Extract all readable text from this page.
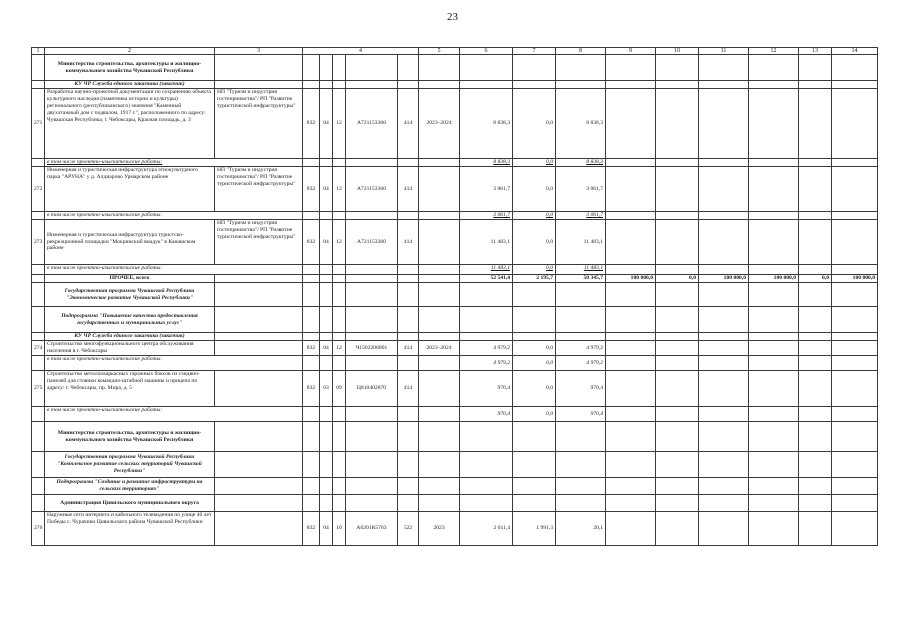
23
1	2	3	4					5	6	7	8	9	10	11	12	13	14
	Министерство строительства, архитектуры и жилищно-коммунального хозяйства Чувашской Республики																
	КУ ЧР Служба единого заказчика (заказчик)																
271	Разработка научно-проектной документации по сохранению объекта культурного наследия (памятника истории и культуры) регионального (республиканского) значения "Каменный двухэтажный дом с подвалом, 1917 г.", расположенного по адресу: Чувашская Республика, г. Чебоксары, Красная площадь, д. 3	НП "Туризм и индустрия гостеприимства"/ РП "Развитие туристической инфраструктуры"	832	04	12	А721153360	414	2023–2024	8 838,3	0,0	8 838,3						
	в том числе проектно-изыскательские работы:								8 838,3	0,0	8 838,3						
272	Инженерная и туристическая инфраструктура этнокультурного парка "АРУНА" у д. Алдиарово Урмарском районе	НП "Туризм и индустрия гостеприимства"/ РП "Развитие туристической инфраструктуры"	832	04	12	А721153360	414		3 061,7	0,0	3 061,7						
	в том числе проектно-изыскательские работы:								3 061,7	0,0	3 061,7						
273	Инженерная и туристическая инфраструктура туристско-рекреационной площадки "Мокринский виадук" в Канашском районе	НП "Туризм и индустрия гостеприимства"/ РП "Развитие туристической инфраструктуры"	832	04	12	А721153360	414		11 483,1	0,0	11 483,1						
	в том числе проектно-изыскательские работы:								11 483,1	0,0	11 483,1						
	ПРОЧЕЕ, всего								52 541,4	2 195,7	50 345,7	100 000,0	0,0	100 000,0	100 000,0	0,0	100 000,0
	Государственная программа Чувашской Республики "Экономическое развитие Чувашской Республики"																
	Подпрограмма "Повышение качества предоставления государственных и муниципальных услуг"																
	КУ ЧР Служба единого заказчика (заказчик)																
274	Строительство многофункционального центра обслуживания населения в г. Чебоксары		832	04	12	Ч1502206801	414	2023–2024	4 979,2	0,0	4 979,2						
	в том числе проектно-изыскательские работы:								4 979,2	0,0	4 979,2						
275	Строительство металлокаркасных гаражных боксов из сэндвич-панелей для стоянки командно-штабной машины и прицепа по адресу: г. Чебоксары, пр. Мира, д. 5		832	03	09	Ц810402870	414		970,4	0,0	970,4						
	в том числе проектно-изыскательские работы:								970,4	0,0	970,4						
	Министерство строительства, архитектуры и жилищно-коммунального хозяйства Чувашской Республики																
	Государственная программа Чувашской Республики "Комплексное развитие сельских территорий Чувашской Республики"																
	Подпрограмма "Создание и развитие инфраструктуры на сельских территориях"																
	Администрация Цивильского муниципального округа																
276	Наружные сети интернета и кабельного телевидения по улице 40 лет Победы с. Чурачики Цивильского района Чувашской Республики		832	04	10	А6201R5763	522	2023	2 011,4	1 991,3	20,1						
